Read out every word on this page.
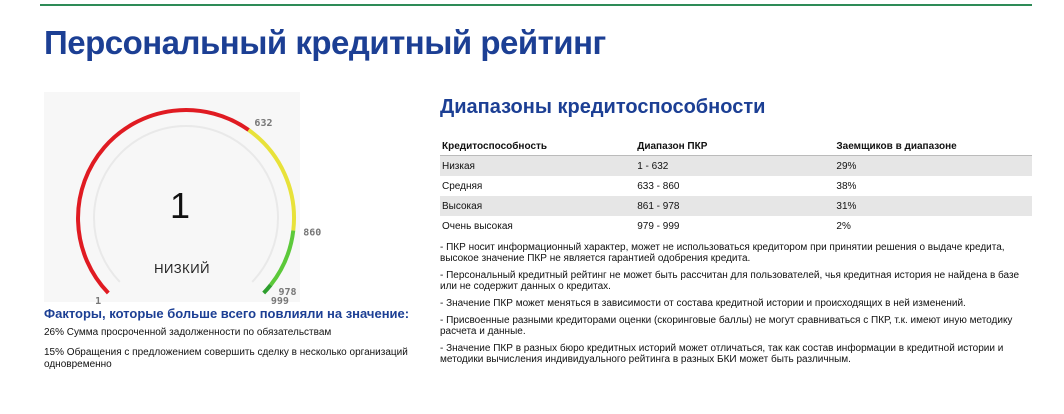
Персональный кредитный рейтинг
1
632
860
978
999
1
НИЗКИЙ

Факторы, которые больше всего повлияли на значение:

26% Сумма просроченной задолженности по обязательствам

15% Обращения с предложением совершить сделку в несколько организаций одновременно

Диапазоны кредитоспособности
Кредитоспособность	Диапазон ПКР	Заемщиков в диапазоне
Низкая	1 - 632	29%
Средняя	633 - 860	38%
Высокая	861 - 978	31%
Очень высокая	979 - 999	2%

- ПКР носит информационный характер, может не использоваться кредитором при принятии решения о выдаче кредита, высокое значение ПКР не является гарантией одобрения кредита.

- Персональный кредитный рейтинг не может быть рассчитан для пользователей, чья кредитная история не найдена в базе или не содержит данных о кредитах.

- Значение ПКР может меняться в зависимости от состава кредитной истории и происходящих в ней изменений.

- Присвоенные разными кредиторами оценки (скоринговые баллы) не могут сравниваться с ПКР, т.к. имеют иную методику расчета и данные.

- Значение ПКР в разных бюро кредитных историй может отличаться, так как состав информации в кредитной истории и методики вычисления индивидуального рейтинга в разных БКИ может быть различным.
